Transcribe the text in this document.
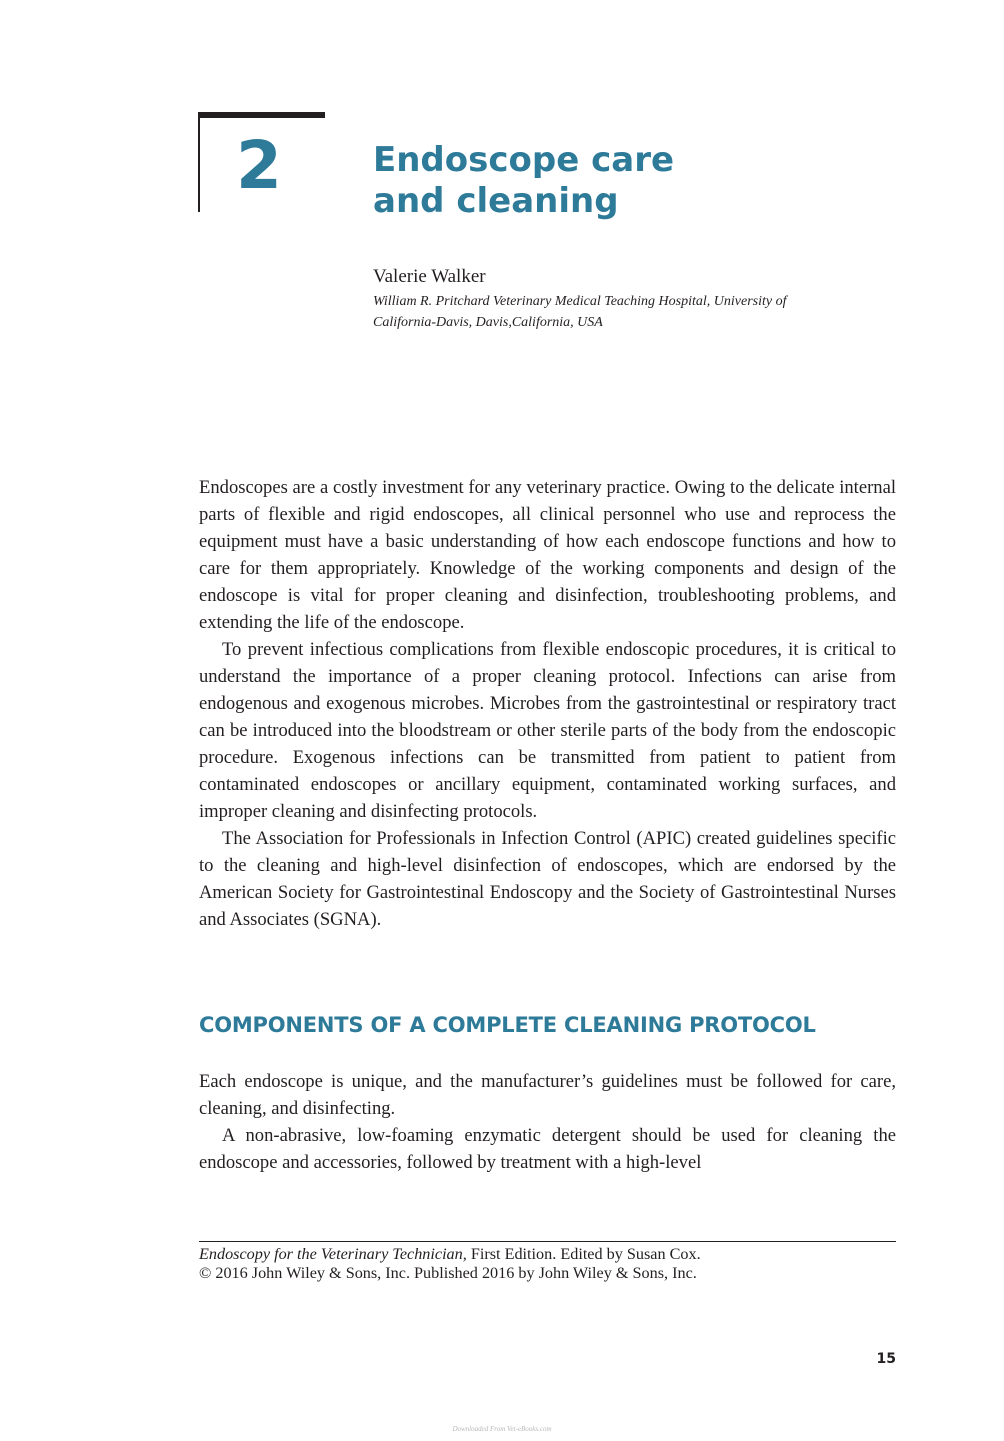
2	Endoscope care
and cleaning
Valerie Walker
William R. Pritchard Veterinary Medical Teaching Hospital, University of
California-Davis, Davis,California, USA

Endoscopes are a costly investment for any veterinary practice. Owing to the delicate internal parts of flexible and rigid endoscopes, all clinical personnel who use and reprocess the equipment must have a basic understanding of how each endoscope functions and how to care for them appropriately. Knowledge of the working components and design of the endoscope is vital for proper cleaning and disinfection, troubleshooting problems, and extending the life of the endoscope.

To prevent infectious complications from flexible endoscopic procedures, it is critical to understand the importance of a proper cleaning protocol. Infections can arise from endogenous and exogenous microbes. Microbes from the gastrointestinal or respiratory tract can be introduced into the bloodstream or other sterile parts of the body from the endoscopic procedure. Exogenous infections can be transmitted from patient to patient from contaminated endoscopes or ancillary equipment, contaminated working surfaces, and improper cleaning and disinfecting protocols.

The Association for Professionals in Infection Control (APIC) created guidelines specific to the cleaning and high-level disinfection of endoscopes, which are endorsed by the American Society for Gastrointestinal Endoscopy and the Society of Gastrointestinal Nurses and Associates (SGNA).

COMPONENTS OF A COMPLETE CLEANING PROTOCOL

Each endoscope is unique, and the manufacturer’s guidelines must be followed for care, cleaning, and disinfecting.

A non-abrasive, low-foaming enzymatic detergent should be used for cleaning the endoscope and accessories, followed by treatment with a high-level

Endoscopy for the Veterinary Technician, First Edition. Edited by Susan Cox.
© 2016 John Wiley & Sons, Inc. Published 2016 by John Wiley & Sons, Inc.
15
Downloaded From Vet-eBooks.com
